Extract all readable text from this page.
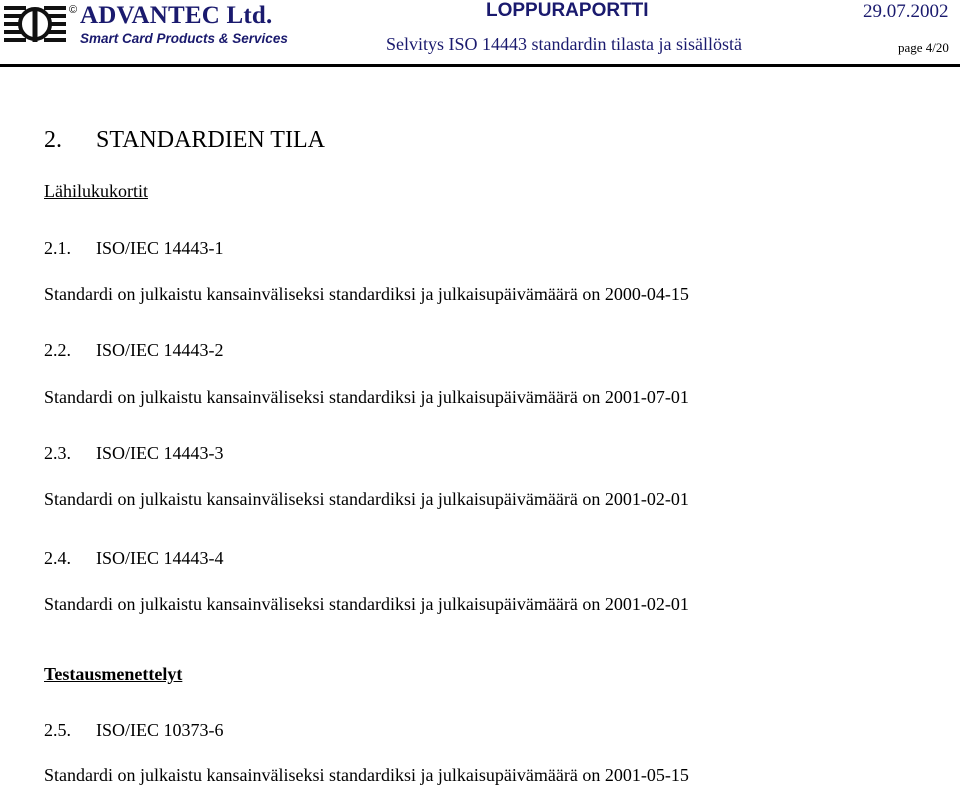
© ADVANTEC Ltd.
Smart Card Products & Services
LOPPURAPORTTI	29.07.2002
Selvitys ISO 14443 standardin tilasta ja sisällöstä	page 4/20
2. STANDARDIEN TILA
Lähilukukortit
2.1. ISO/IEC 14443-1
Standardi on julkaistu kansainväliseksi standardiksi ja julkaisupäivämäärä on 2000-04-15
2.2. ISO/IEC 14443-2
Standardi on julkaistu kansainväliseksi standardiksi ja julkaisupäivämäärä on 2001-07-01
2.3. ISO/IEC 14443-3
Standardi on julkaistu kansainväliseksi standardiksi ja julkaisupäivämäärä on 2001-02-01
2.4. ISO/IEC 14443-4
Standardi on julkaistu kansainväliseksi standardiksi ja julkaisupäivämäärä on 2001-02-01
Testausmenettelyt
2.5. ISO/IEC 10373-6
Standardi on julkaistu kansainväliseksi standardiksi ja julkaisupäivämäärä on 2001-05-15
